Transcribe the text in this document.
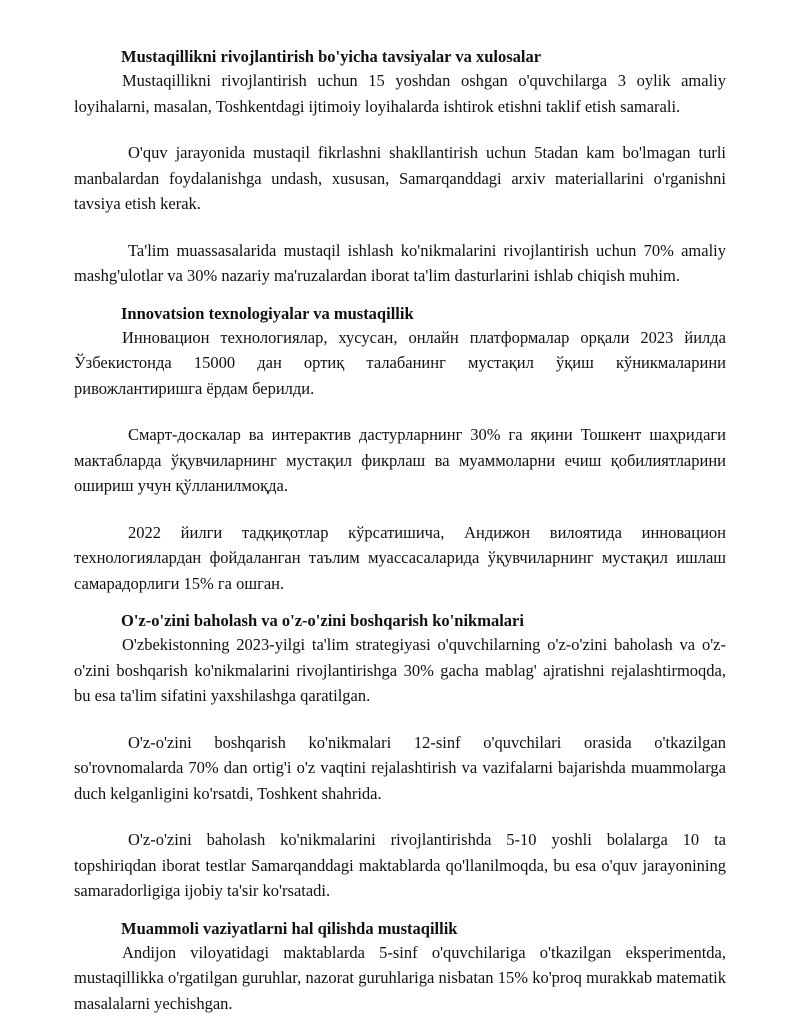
Mustaqillikni rivojlantirish bo'yicha tavsiyalar va xulosalar

Mustaqillikni rivojlantirish uchun 15 yoshdan oshgan o'quvchilarga 3 oylik amaliy loyihalarni, masalan, Toshkentdagi ijtimoiy loyihalarda ishtirok etishni taklif etish samarali.

O'quv jarayonida mustaqil fikrlashni shakllantirish uchun 5tadan kam bo'lmagan turli manbalardan foydalanishga undash, xususan, Samarqanddagi arxiv materiallarini o'rganishni tavsiya etish kerak.

Ta'lim muassasalarida mustaqil ishlash ko'nikmalarini rivojlantirish uchun 70% amaliy mashg'ulotlar va 30% nazariy ma'ruzalardan iborat ta'lim dasturlarini ishlab chiqish muhim.

Innovatsion texnologiyalar va mustaqillik

Инновацион технологиялар, хусусан, онлайн платформалар орқали 2023 йилда Ўзбекистонда 15000 дан ортиқ талабанинг мустақил ўқиш кўникмаларини ривожлантиришга ёрдам берилди.

Смарт-доскалар ва интерактив дастурларнинг 30% га яқини Тошкент шаҳридаги мактабларда ўқувчиларнинг мустақил фикрлаш ва муаммоларни ечиш қобилиятларини ошириш учун қўлланилмоқда.

2022 йилги тадқиқотлар кўрсатишича, Андижон вилоятида инновацион технологиялардан фойдаланган таълим муассасаларида ўқувчиларнинг мустақил ишлаш самарадорлиги 15% га ошган.

O'z-o'zini baholash va o'z-o'zini boshqarish ko'nikmalari

O'zbekistonning 2023-yilgi ta'lim strategiyasi o'quvchilarning o'z-o'zini baholash va o'z-o'zini boshqarish ko'nikmalarini rivojlantirishga 30% gacha mablag' ajratishni rejalashtirmoqda, bu esa ta'lim sifatini yaxshilashga qaratilgan.

O'z-o'zini boshqarish ko'nikmalari 12-sinf o'quvchilari orasida o'tkazilgan so'rovnomalarda 70% dan ortig'i o'z vaqtini rejalashtirish va vazifalarni bajarishda muammolarga duch kelganligini ko'rsatdi, Toshkent shahrida.

O'z-o'zini baholash ko'nikmalarini rivojlantirishda 5-10 yoshli bolalarga 10 ta topshiriqdan iborat testlar Samarqanddagi maktablarda qo'llanilmoqda, bu esa o'quv jarayonining samaradorligiga ijobiy ta'sir ko'rsatadi.

Muammoli vaziyatlarni hal qilishda mustaqillik

Andijon viloyatidagi maktablarda 5-sinf o'quvchilariga o'tkazilgan eksperimentda, mustaqillikka o'rgatilgan guruhlar, nazorat guruhlariga nisbatan 15% ko'proq murakkab matematik masalalarni yechishgan.
